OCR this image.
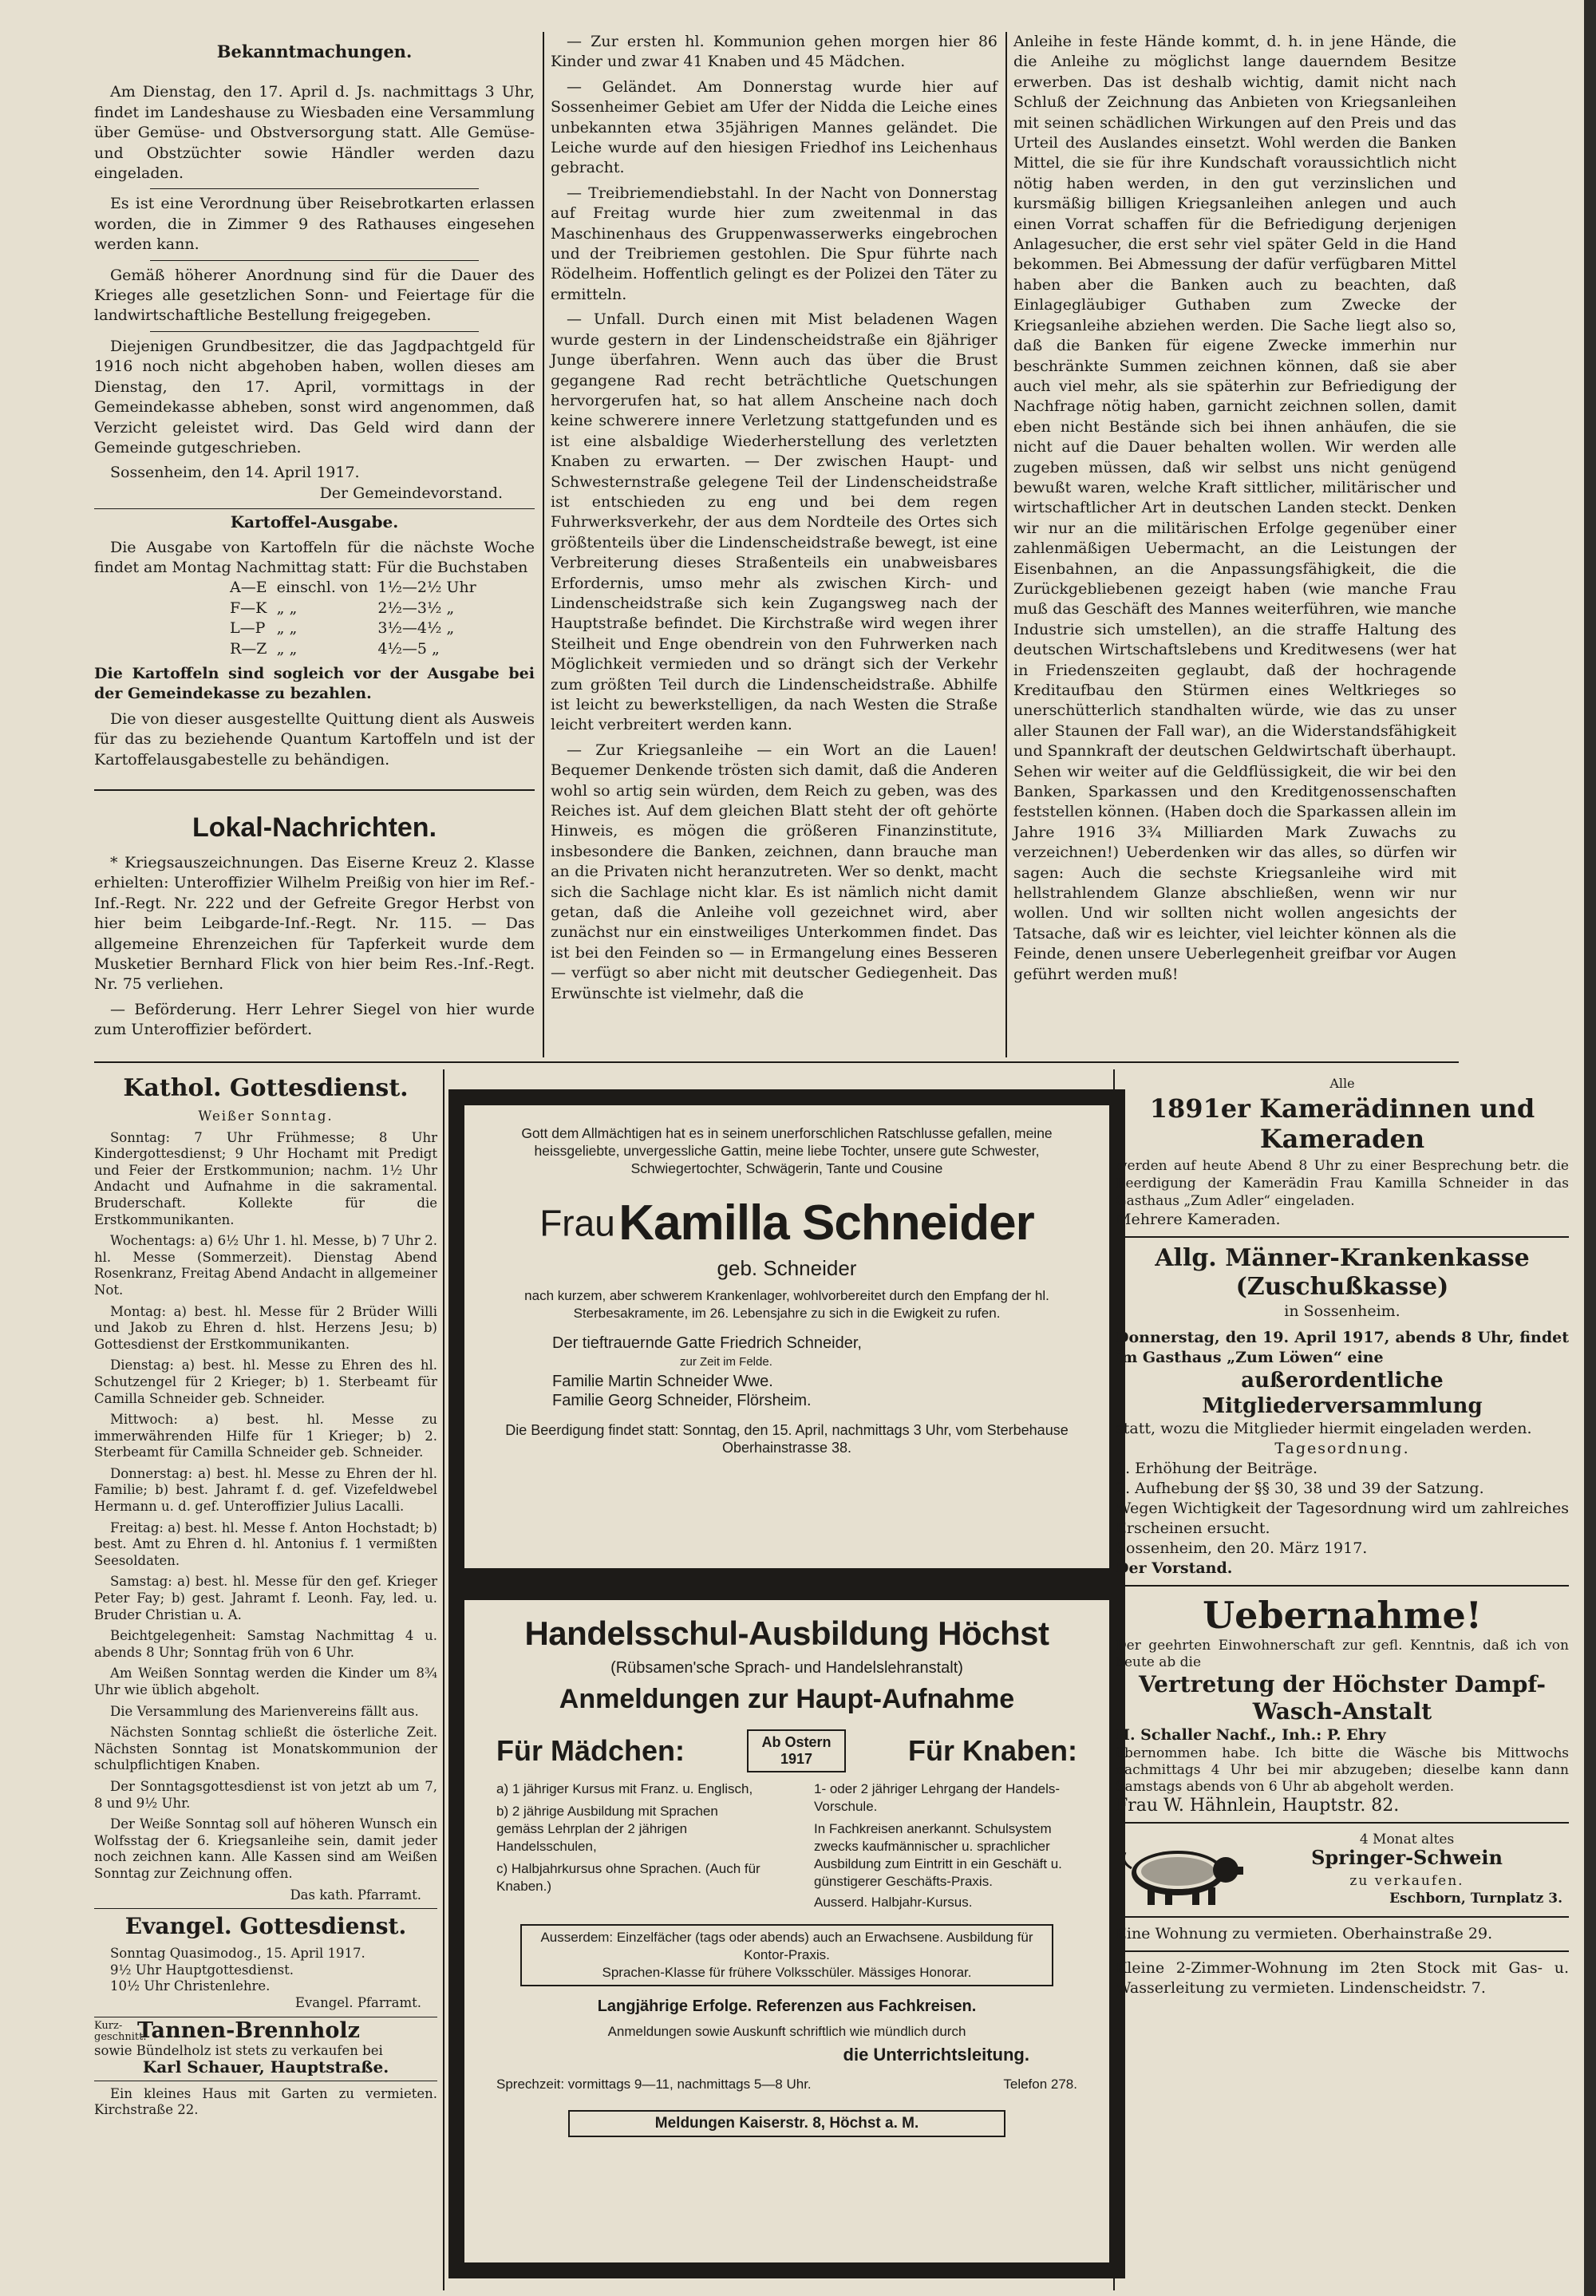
Bekanntmachungen.

Am Dienstag, den 17. April d. Js. nachmittags 3 Uhr, findet im Landeshause zu Wiesbaden eine Versammlung über Gemüse- und Obstversorgung statt. Alle Gemüse- und Obstzüchter sowie Händler werden dazu eingeladen.

Es ist eine Verordnung über Reisebrotkarten erlassen worden, die in Zimmer 9 des Rathauses eingesehen werden kann.

Gemäß höherer Anordnung sind für die Dauer des Krieges alle gesetzlichen Sonn- und Feiertage für die landwirtschaftliche Bestellung freigegeben.

Diejenigen Grundbesitzer, die das Jagdpachtgeld für 1916 noch nicht abgehoben haben, wollen dieses am Dienstag, den 17. April, vormittags in der Gemeindekasse abheben, sonst wird angenommen, daß Verzicht geleistet wird. Das Geld wird dann der Gemeinde gutgeschrieben.

Sossenheim, den 14. April 1917.

Der Gemeindevorstand.

Kartoffel-Ausgabe.

Die Ausgabe von Kartoffeln für die nächste Woche findet am Montag Nachmittag statt: Für die Buchstaben

A—E	einschl. von	1½—2½ Uhr
F—K	„ „	2½—3½ „
L—P	„ „	3½—4½ „
R—Z	„ „	4½—5 „

Die Kartoffeln sind sogleich vor der Ausgabe bei der Gemeindekasse zu bezahlen.

Die von dieser ausgestellte Quittung dient als Ausweis für das zu beziehende Quantum Kartoffeln und ist der Kartoffelausgabestelle zu behändigen.

Lokal-Nachrichten.

* Kriegsauszeichnungen. Das Eiserne Kreuz 2. Klasse erhielten: Unteroffizier Wilhelm Preißig von hier im Ref.-Inf.-Regt. Nr. 222 und der Gefreite Gregor Herbst von hier beim Leibgarde-Inf.-Regt. Nr. 115. — Das allgemeine Ehrenzeichen für Tapferkeit wurde dem Musketier Bernhard Flick von hier beim Res.-Inf.-Regt. Nr. 75 verliehen.

— Beförderung. Herr Lehrer Siegel von hier wurde zum Unteroffizier befördert.

— Zur ersten hl. Kommunion gehen morgen hier 86 Kinder und zwar 41 Knaben und 45 Mädchen.

— Geländet. Am Donnerstag wurde hier auf Sossenheimer Gebiet am Ufer der Nidda die Leiche eines unbekannten etwa 35jährigen Mannes geländet. Die Leiche wurde auf den hiesigen Friedhof ins Leichenhaus gebracht.

— Treibriemendiebstahl. In der Nacht von Donnerstag auf Freitag wurde hier zum zweitenmal in das Maschinenhaus des Gruppenwasserwerks eingebrochen und der Treibriemen gestohlen. Die Spur führte nach Rödelheim. Hoffentlich gelingt es der Polizei den Täter zu ermitteln.

— Unfall. Durch einen mit Mist beladenen Wagen wurde gestern in der Lindenscheidstraße ein 8jähriger Junge überfahren. Wenn auch das über die Brust gegangene Rad recht beträchtliche Quetschungen hervorgerufen hat, so hat allem Anscheine nach doch keine schwerere innere Verletzung stattgefunden und es ist eine alsbaldige Wiederherstellung des verletzten Knaben zu erwarten. — Der zwischen Haupt- und Schwesternstraße gelegene Teil der Lindenscheidstraße ist entschieden zu eng und bei dem regen Fuhrwerksverkehr, der aus dem Nordteile des Ortes sich größtenteils über die Lindenscheidstraße bewegt, ist eine Verbreiterung dieses Straßenteils ein unabweisbares Erfordernis, umso mehr als zwischen Kirch- und Lindenscheidstraße sich kein Zugangsweg nach der Hauptstraße befindet. Die Kirchstraße wird wegen ihrer Steilheit und Enge obendrein von den Fuhrwerken nach Möglichkeit vermieden und so drängt sich der Verkehr zum größten Teil durch die Lindenscheidstraße. Abhilfe ist leicht zu bewerkstelligen, da nach Westen die Straße leicht verbreitert werden kann.

— Zur Kriegsanleihe — ein Wort an die Lauen! Bequemer Denkende trösten sich damit, daß die Anderen wohl so artig sein würden, dem Reich zu geben, was des Reiches ist. Auf dem gleichen Blatt steht der oft gehörte Hinweis, es mögen die größeren Finanzinstitute, insbesondere die Banken, zeichnen, dann brauche man an die Privaten nicht heranzutreten. Wer so denkt, macht sich die Sachlage nicht klar. Es ist nämlich nicht damit getan, daß die Anleihe voll gezeichnet wird, aber zunächst nur ein einstweiliges Unterkommen findet. Das ist bei den Feinden so — in Ermangelung eines Besseren — verfügt so aber nicht mit deutscher Gediegenheit. Das Erwünschte ist vielmehr, daß die

Anleihe in feste Hände kommt, d. h. in jene Hände, die die Anleihe zu möglichst lange dauerndem Besitze erwerben. Das ist deshalb wichtig, damit nicht nach Schluß der Zeichnung das Anbieten von Kriegsanleihen mit seinen schädlichen Wirkungen auf den Preis und das Urteil des Auslandes einsetzt. Wohl werden die Banken Mittel, die sie für ihre Kundschaft voraussichtlich nicht nötig haben werden, in den gut verzinslichen und kursmäßig billigen Kriegsanleihen anlegen und auch einen Vorrat schaffen für die Befriedigung derjenigen Anlagesucher, die erst sehr viel später Geld in die Hand bekommen. Bei Abmessung der dafür verfügbaren Mittel haben aber die Banken auch zu beachten, daß Einlagegläubiger Guthaben zum Zwecke der Kriegsanleihe abziehen werden. Die Sache liegt also so, daß die Banken für eigene Zwecke immerhin nur beschränkte Summen zeichnen können, daß sie aber auch viel mehr, als sie späterhin zur Befriedigung der Nachfrage nötig haben, garnicht zeichnen sollen, damit eben nicht Bestände sich bei ihnen anhäufen, die sie nicht auf die Dauer behalten wollen. Wir werden alle zugeben müssen, daß wir selbst uns nicht genügend bewußt waren, welche Kraft sittlicher, militärischer und wirtschaftlicher Art in deutschen Landen steckt. Denken wir nur an die militärischen Erfolge gegenüber einer zahlenmäßigen Uebermacht, an die Leistungen der Eisenbahnen, an die Anpassungsfähigkeit, die die Zurückgebliebenen gezeigt haben (wie manche Frau muß das Geschäft des Mannes weiterführen, wie manche Industrie sich umstellen), an die straffe Haltung des deutschen Wirtschaftslebens und Kreditwesens (wer hat in Friedenszeiten geglaubt, daß der hochragende Kreditaufbau den Stürmen eines Weltkrieges so unerschütterlich standhalten würde, wie das zu unser aller Staunen der Fall war), an die Widerstandsfähigkeit und Spannkraft der deutschen Geldwirtschaft überhaupt. Sehen wir weiter auf die Geldflüssigkeit, die wir bei den Banken, Sparkassen und den Kreditgenossenschaften feststellen können. (Haben doch die Sparkassen allein im Jahre 1916 3¾ Milliarden Mark Zuwachs zu verzeichnen!) Ueberdenken wir das alles, so dürfen wir sagen: Auch die sechste Kriegsanleihe wird mit hellstrahlendem Glanze abschließen, wenn wir nur wollen. Und wir sollten nicht wollen angesichts der Tatsache, daß wir es leichter, viel leichter können als die Feinde, denen unsere Ueberlegenheit greifbar vor Augen geführt werden muß!

Kathol. Gottesdienst.

Weißer Sonntag.

Sonntag: 7 Uhr Frühmesse; 8 Uhr Kindergottesdienst; 9 Uhr Hochamt mit Predigt und Feier der Erstkommunion; nachm. 1½ Uhr Andacht und Aufnahme in die sakramental. Bruderschaft. Kollekte für die Erstkommunikanten.

Wochentags: a) 6½ Uhr 1. hl. Messe, b) 7 Uhr 2. hl. Messe (Sommerzeit). Dienstag Abend Rosenkranz, Freitag Abend Andacht in allgemeiner Not.

Montag: a) best. hl. Messe für 2 Brüder Willi und Jakob zu Ehren d. hlst. Herzens Jesu; b) Gottesdienst der Erstkommunikanten.

Dienstag: a) best. hl. Messe zu Ehren des hl. Schutzengel für 2 Krieger; b) 1. Sterbeamt für Camilla Schneider geb. Schneider.

Mittwoch: a) best. hl. Messe zu immerwährenden Hilfe für 1 Krieger; b) 2. Sterbeamt für Camilla Schneider geb. Schneider.

Donnerstag: a) best. hl. Messe zu Ehren der hl. Familie; b) best. Jahramt f. d. gef. Vizefeldwebel Hermann u. d. gef. Unteroffizier Julius Lacalli.

Freitag: a) best. hl. Messe f. Anton Hochstadt; b) best. Amt zu Ehren d. hl. Antonius f. 1 vermißten Seesoldaten.

Samstag: a) best. hl. Messe für den gef. Krieger Peter Fay; b) gest. Jahramt f. Leonh. Fay, led. u. Bruder Christian u. A.

Beichtgelegenheit: Samstag Nachmittag 4 u. abends 8 Uhr; Sonntag früh von 6 Uhr.

Am Weißen Sonntag werden die Kinder um 8¾ Uhr wie üblich abgeholt.

Die Versammlung des Marienvereins fällt aus.

Nächsten Sonntag schließt die österliche Zeit. Nächsten Sonntag ist Monatskommunion der schulpflichtigen Knaben.

Der Sonntagsgottesdienst ist von jetzt ab um 7, 8 und 9½ Uhr.

Der Weiße Sonntag soll auf höheren Wunsch ein Wolfsstag der 6. Kriegsanleihe sein, damit jeder noch zeichnen kann. Alle Kassen sind am Weißen Sonntag zur Zeichnung offen.

Das kath. Pfarramt.

Evangel. Gottesdienst.

Sonntag Quasimodog., 15. April 1917.

9½ Uhr Hauptgottesdienst.

10½ Uhr Christenlehre.

Evangel. Pfarramt.

Kurz- geschnitt.
Tannen-Brennholz

sowie Bündelholz ist stets zu verkaufen bei

Karl Schauer, Hauptstraße.

Ein kleines Haus mit Garten zu vermieten. Kirchstraße 22.

Gott dem Allmächtigen hat es in seinem unerforschlichen Ratschlusse gefallen, meine heissgeliebte, unvergessliche Gattin, meine liebe Tochter, unsere gute Schwester, Schwiegertochter, Schwägerin, Tante und Cousine
Frau Kamilla Schneider
geb. Schneider
nach kurzem, aber schwerem Krankenlager, wohlvorbereitet durch den Empfang der hl. Sterbesakramente, im 26. Lebensjahre zu sich in die Ewigkeit zu rufen.
Der tieftrauernde Gatte Friedrich Schneider,
zur Zeit im Felde.
Familie Martin Schneider Wwe.
Familie Georg Schneider, Flörsheim.
Die Beerdigung findet statt: Sonntag, den 15. April, nachmittags 3 Uhr, vom Sterbehause Oberhainstrasse 38.
Handelsschul-Ausbildung Höchst
(Rübsamen'sche Sprach- und Handelslehranstalt)
Anmeldungen zur Haupt-Aufnahme
Für Mädchen:	Ab Ostern 1917	Für Knaben:
a) 1 jähriger Kursus mit Franz. u. Englisch,
b) 2 jährige Ausbildung mit Sprachen gemäss Lehrplan der 2 jährigen Handelsschulen,
c) Halbjahrkursus ohne Sprachen. (Auch für Knaben.)
1- oder 2 jähriger Lehrgang der Handels-Vorschule.
In Fachkreisen anerkannt. Schulsystem zwecks kaufmännischer u. sprachlicher Ausbildung zum Eintritt in ein Geschäft u. günstigerer Geschäfts-Praxis.
Ausserd. Halbjahr-Kursus.
Ausserdem: Einzelfächer (tags oder abends) auch an Erwachsene. Ausbildung für Kontor-Praxis.
Sprachen-Klasse für frühere Volksschüler. Mässiges Honorar.
Langjährige Erfolge. Referenzen aus Fachkreisen.
Anmeldungen sowie Auskunft schriftlich wie mündlich durch
die Unterrichtsleitung.
Sprechzeit: vormittags 9—11, nachmittags 5—8 Uhr.	Telefon 278.
Meldungen Kaiserstr. 8, Höchst a. M.
Alle
1891er Kamerädinnen und Kameraden

werden auf heute Abend 8 Uhr zu einer Besprechung betr. die Beerdigung der Kamerädin Frau Kamilla Schneider in das Gasthaus „Zum Adler“ eingeladen.

Mehrere Kameraden.

Allg. Männer-Krankenkasse (Zuschußkasse)
in Sossenheim.

Donnerstag, den 19. April 1917, abends 8 Uhr, findet im Gasthaus „Zum Löwen“ eine

außerordentliche Mitgliederversammlung

statt, wozu die Mitglieder hiermit eingeladen werden.

Tagesordnung.

1. Erhöhung der Beiträge.

2. Aufhebung der §§ 30, 38 und 39 der Satzung.

Wegen Wichtigkeit der Tagesordnung wird um zahlreiches Erscheinen ersucht.

Sossenheim, den 20. März 1917.

Der Vorstand.

Uebernahme!

Der geehrten Einwohnerschaft zur gefl. Kenntnis, daß ich von heute ab die

Vertretung der Höchster Dampf-Wasch-Anstalt

H. Schaller Nachf., Inh.: P. Ehry

übernommen habe. Ich bitte die Wäsche bis Mittwochs nachmittags 4 Uhr bei mir abzugeben; dieselbe kann dann Samstags abends von 6 Uhr ab abgeholt werden.

Frau W. Hähnlein, Hauptstr. 82.

4 Monat altes
Springer-Schwein
zu verkaufen.
Eschborn, Turnplatz 3.

Eine Wohnung zu vermieten. Oberhainstraße 29.

Kleine 2-Zimmer-Wohnung im 2ten Stock mit Gas- u. Wasserleitung zu vermieten. Lindenscheidstr. 7.
